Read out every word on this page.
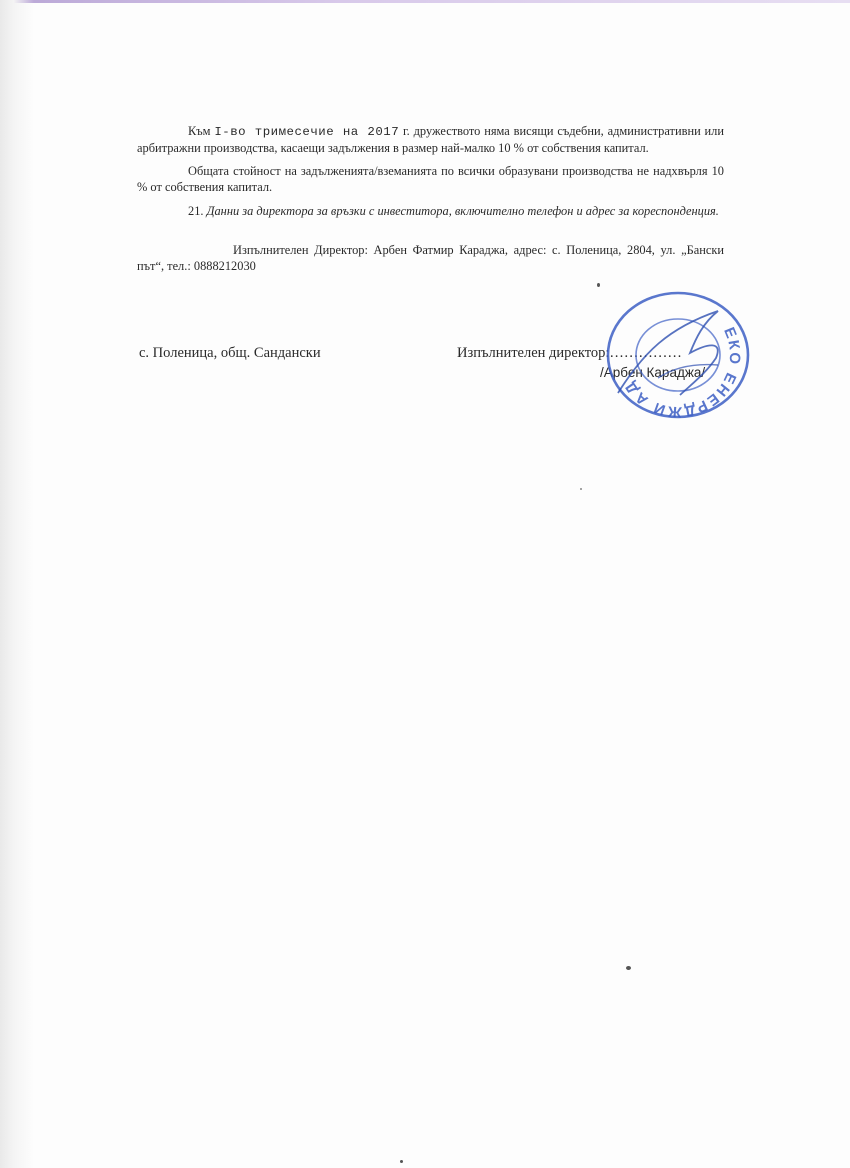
Към I-во тримесечие на 2017 г. дружеството няма висящи съдебни, административни или арбитражни производства, касаещи задължения в размер най-малко 10 % от собствения капитал.

Общата стойност на задълженията/вземанията по всички образувани производства не надхвърля 10 % от собствения капитал.

21. Данни за директора за връзки с инвеститора, включително телефон и адрес за кореспонденция.

Изпълнителен Директор: Арбен Фатмир Караджа, адрес: с. Поленица, 2804, ул. „Бански път“, тел.: 0888212030

с. Поленица, общ. Сандански	Изпълнителен директор:……………

/Арбен Караджа/

ЕКО ЕНЕРДЖИ АД
